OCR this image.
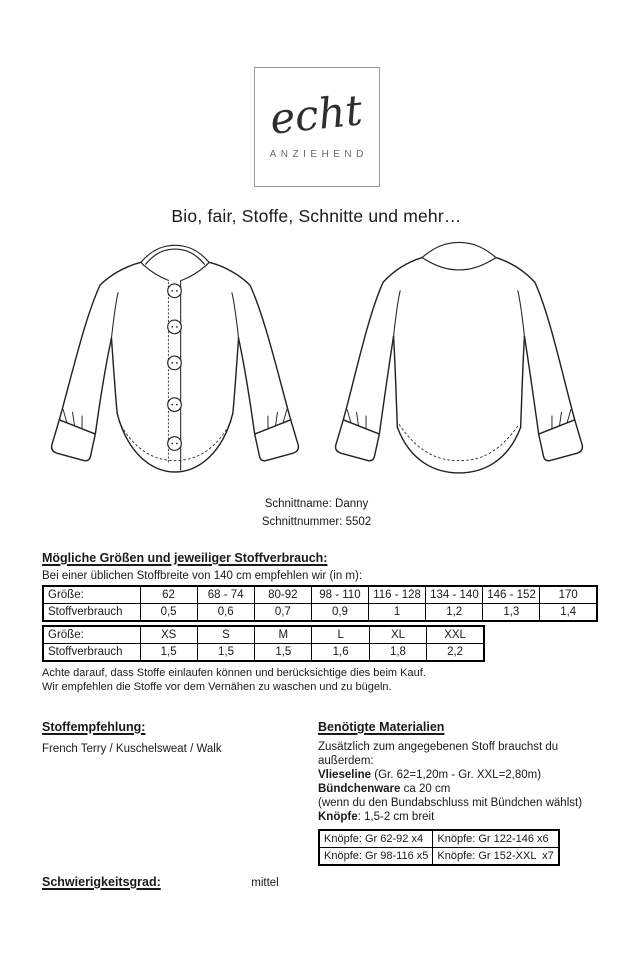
echt
ANZIEHEND
Bio, fair, Stoffe, Schnitte und mehr…
Schnittname: Danny
Schnittnummer: 5502
Mögliche Größen und jeweiliger Stoffverbrauch:
Bei einer üblichen Stoffbreite von 140 cm empfehlen wir (in m):
Größe:	62	68 - 74	80-92	98 - 110	116 - 128	134 - 140	146 - 152	170
Stoffverbrauch	0,5	0,6	0,7	0,9	1	1,2	1,3	1,4
Größe:	XS	S	M	L	XL	XXL
Stoffverbrauch	1,5	1,5	1,5	1,6	1,8	2,2
Achte darauf, dass Stoffe einlaufen können und berücksichtige dies beim Kauf.
Wir empfehlen die Stoffe vor dem Vernähen zu waschen und zu bügeln.
Stoffempfehlung:
French Terry / Kuschelsweat / Walk
Benötigte Materialien
Zusätzlich zum angegebenen Stoff brauchst du außerdem:
Vlieseline (Gr. 62=1,20m - Gr. XXL=2,80m)
Bündchenware ca 20 cm
(wenn du den Bundabschluss mit Bündchen wählst)
Knöpfe: 1,5-2 cm breit
Knöpfe: Gr 62-92 x4	Knöpfe: Gr 122-146 x6
Knöpfe: Gr 98-116 x5	Knöpfe: Gr 152-XXL  x7
Schwierigkeitsgrad:	mittel
